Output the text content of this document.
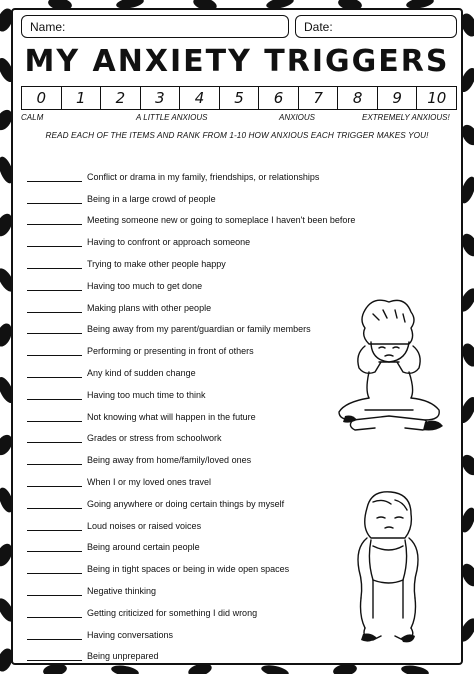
Name:	Date:
MY ANXIETY TRIGGERS
0	1	2	3	4	5	6	7	8	9	10
CALM	A LITTLE ANXIOUS	ANXIOUS	EXTREMELY ANXIOUS!
READ EACH OF THE ITEMS AND RANK FROM 1-10 HOW ANXIOUS EACH TRIGGER MAKES YOU!
Conflict or drama in my family, friendships, or relationships
Being in a large crowd of people
Meeting someone new or going to someplace I haven't been before
Having to confront or approach someone
Trying to make other people happy
Having too much to get done
Making plans with other people
Being away from my parent/guardian or family members
Performing or presenting in front of others
Any kind of sudden change
Having too much time to think
Not knowing what will happen in the future
Grades or stress from schoolwork
Being away from home/family/loved ones
When I or my loved ones travel
Going anywhere or doing certain things by myself
Loud noises or raised voices
Being around certain people
Being in tight spaces or being in wide open spaces
Negative thinking
Getting criticized for something I did wrong
Having conversations
Being unprepared
